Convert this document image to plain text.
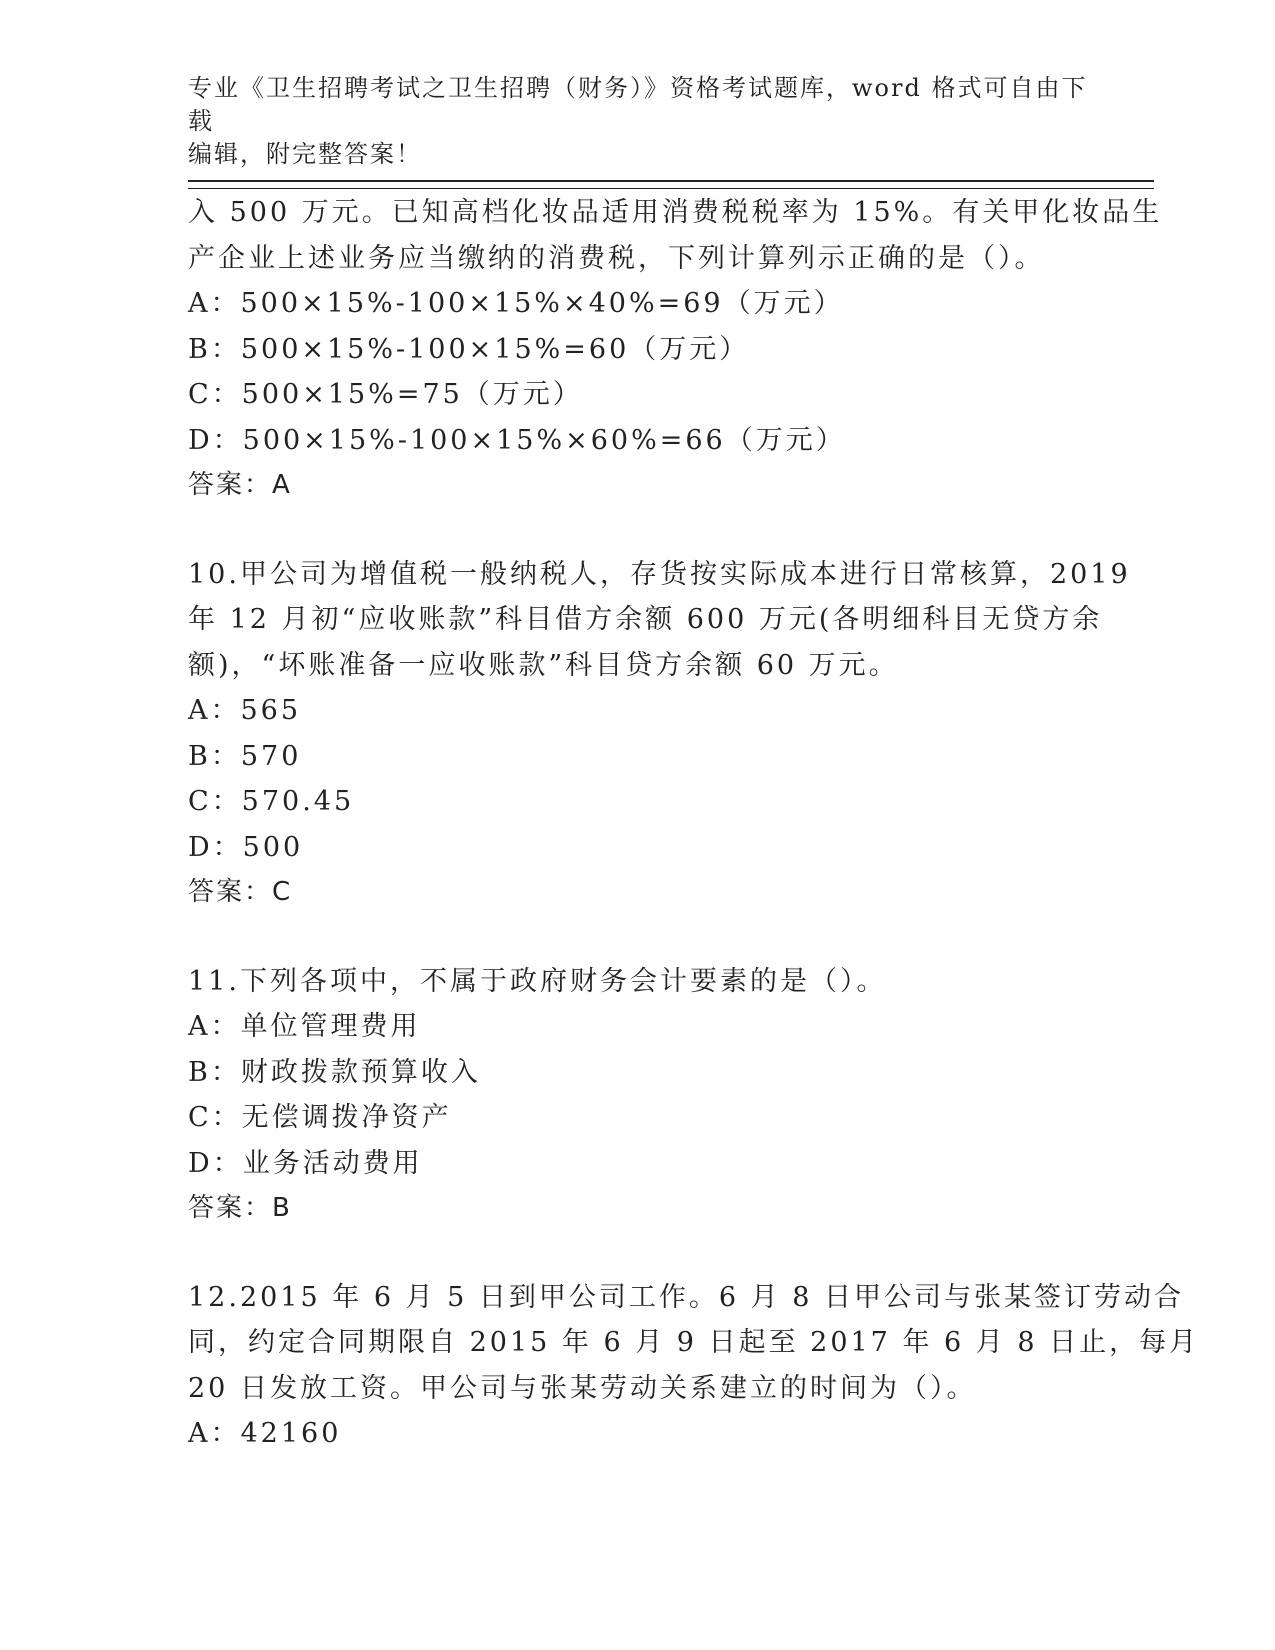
专业《卫生招聘考试之卫生招聘（财务）》资格考试题库，word 格式可自由下载
编辑，附完整答案！
入 500 万元。已知高档化妆品适用消费税税率为 15%。有关甲化妆品生
产企业上述业务应当缴纳的消费税，下列计算列示正确的是（）。
A：500×15%-100×15%×40%=69（万元）
B：500×15%-100×15%=60（万元）
C：500×15%=75（万元）
D：500×15%-100×15%×60%=66（万元）
答案：A
10.甲公司为增值税一般纳税人，存货按实际成本进行日常核算，2019
年 12 月初“应收账款”科目借方余额 600 万元(各明细科目无贷方余
额)，“坏账准备一应收账款”科目贷方余额 60 万元。
A：565
B：570
C：570.45
D：500
答案：C
11.下列各项中，不属于政府财务会计要素的是（）。
A：单位管理费用
B：财政拨款预算收入
C：无偿调拨净资产
D：业务活动费用
答案：B
12.2015 年 6 月 5 日到甲公司工作。6 月 8 日甲公司与张某签订劳动合
同，约定合同期限自 2015 年 6 月 9 日起至 2017 年 6 月 8 日止，每月
20 日发放工资。甲公司与张某劳动关系建立的时间为（）。
A：42160
